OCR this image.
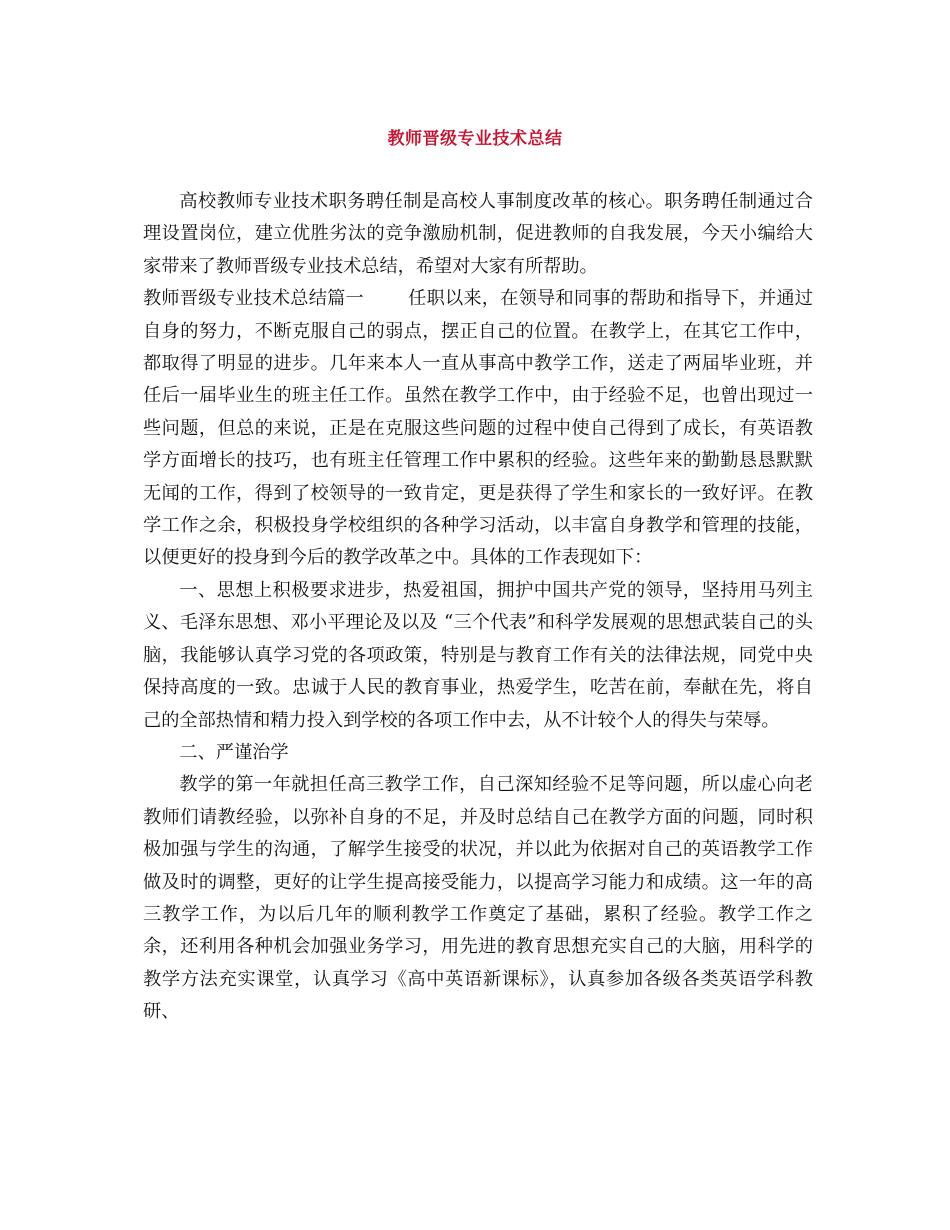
教师晋级专业技术总结

高校教师专业技术职务聘任制是高校人事制度改革的核心。职务聘任制通过合理设置岗位，建立优胜劣汰的竞争激励机制，促进教师的自我发展，今天小编给大家带来了教师晋级专业技术总结，希望对大家有所帮助。

教师晋级专业技术总结篇一 任职以来，在领导和同事的帮助和指导下，并通过自身的努力，不断克服自己的弱点，摆正自己的位置。在教学上，在其它工作中，都取得了明显的进步。几年来本人一直从事高中教学工作，送走了两届毕业班，并任后一届毕业生的班主任工作。虽然在教学工作中，由于经验不足，也曾出现过一些问题，但总的来说，正是在克服这些问题的过程中使自己得到了成长，有英语教学方面增长的技巧，也有班主任管理工作中累积的经验。这些年来的勤勤恳恳默默无闻的工作，得到了校领导的一致肯定，更是获得了学生和家长的一致好评。在教学工作之余，积极投身学校组织的各种学习活动，以丰富自身教学和管理的技能，以便更好的投身到今后的教学改革之中。具体的工作表现如下：

一、思想上积极要求进步，热爱祖国，拥护中国共产党的领导，坚持用马列主义、毛泽东思想、邓小平理论及以及 “三个代表”和科学发展观的思想武装自己的头脑，我能够认真学习党的各项政策，特别是与教育工作有关的法律法规，同党中央保持高度的一致。忠诚于人民的教育事业，热爱学生，吃苦在前，奉献在先，将自己的全部热情和精力投入到学校的各项工作中去，从不计较个人的得失与荣辱。

二、严谨治学

教学的第一年就担任高三教学工作，自己深知经验不足等问题，所以虚心向老教师们请教经验，以弥补自身的不足，并及时总结自己在教学方面的问题，同时积极加强与学生的沟通，了解学生接受的状况，并以此为依据对自己的英语教学工作做及时的调整，更好的让学生提高接受能力，以提高学习能力和成绩。这一年的高三教学工作，为以后几年的顺利教学工作奠定了基础，累积了经验。教学工作之余，还利用各种机会加强业务学习，用先进的教育思想充实自己的大脑，用科学的教学方法充实课堂，认真学习《高中英语新课标》，认真参加各级各类英语学科教研、
